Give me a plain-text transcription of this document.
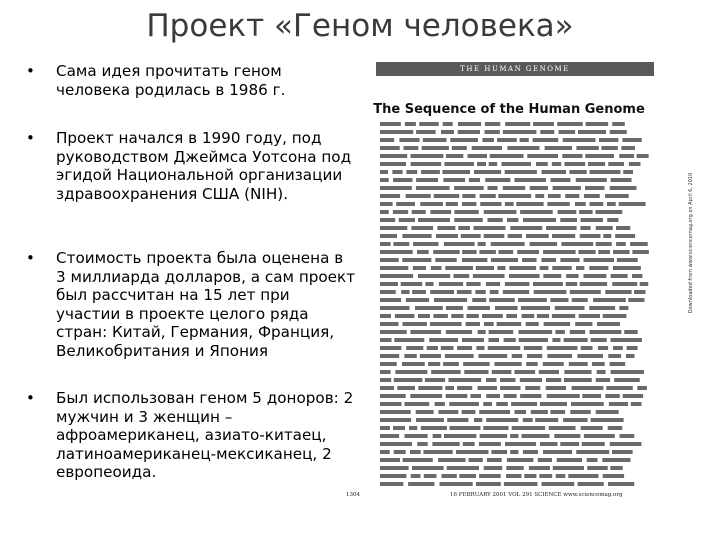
Проект «Геном человека»
• Сама идея прочитать геном человека родилась в 1986 г.
• Проект начался в 1990 году, под руководством Джеймса Уотсона под эгидой Национальной организации здравоохранения США (NIH).
• Стоимость проекта была оценена в 3 миллиарда долларов, а сам проект был рассчитан на 15 лет при участии в проекте целого ряда стран: Китай, Германия, Франция, Великобритания и Япония
• Был использован геном 5 доноров: 2 мужчин и 3 женщин – афроамериканец, азиато-китаец, латиноамериканец-мексиканец, 2 европеоида.
THE HUMAN GENOME
The Sequence of the Human Genome
1304	16 FEBRUARY 2001 VOL 291 SCIENCE www.sciencemag.org
Downloaded from www.sciencemag.org on April 6, 2010
